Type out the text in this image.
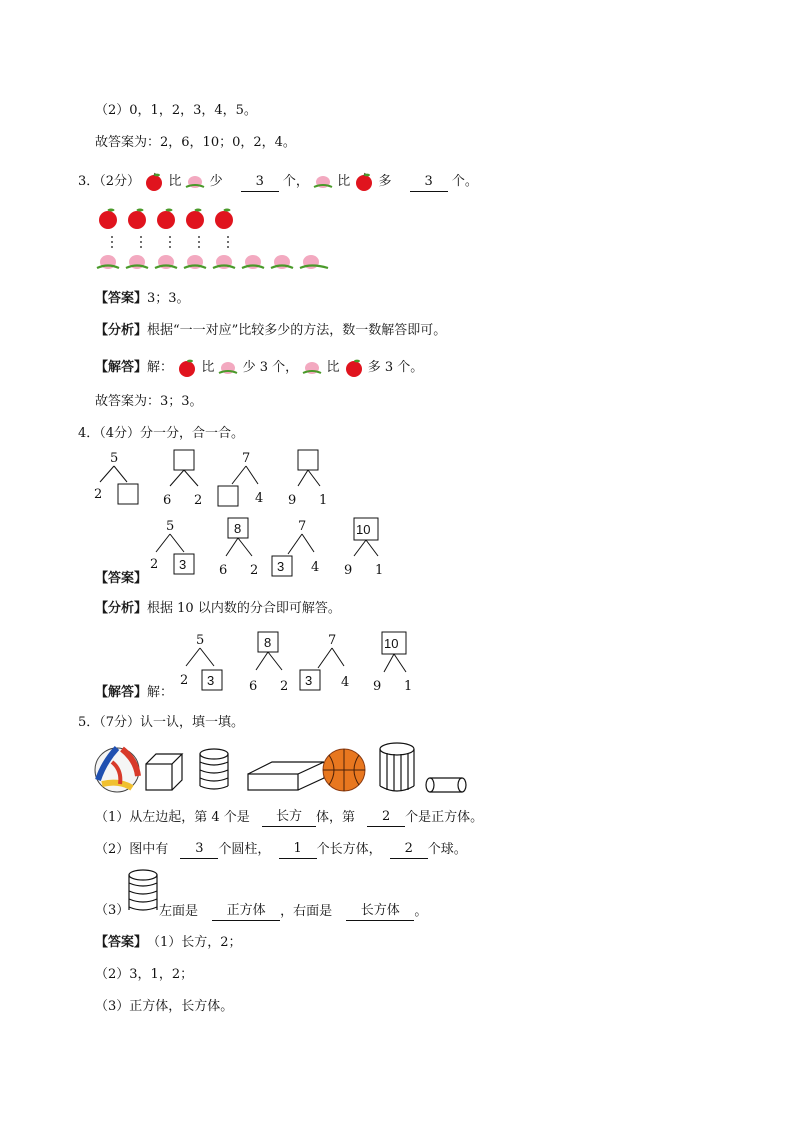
（2）0，1，2，3，4，5。
故答案为：2，6，10；0，2，4。
3．（2分） 比 少	3 个， 比 多	3 个。
【答案】3；3。
【分析】根据“一一对应”比较多少的方法，数一数解答即可。
【解答】解： 比 少 3 个， 比 多 3 个。
故答案为：3；3。
4．（4分）分一分，合一合。
5
2	6 2
7
4 9 1
【答案】
5
2 3
8
6 2
7
3 4
10
9 1
【分析】根据 10 以内数的分合即可解答。
【解答】解：
5
2 3
8
6 2
7
3 4
10
9 1
5．（7分）认一认，填一填。
（1）从左边起，第 4 个是 长方 体，第 2 个是正方体。
（2）图中有 3 个圆柱， 1 个长方体， 2 个球。
（3） 左面是 正方体 ，右面是 长方体 。
【答案】（1）长方，2；
（2）3，1，2；
（3）正方体，长方体。
